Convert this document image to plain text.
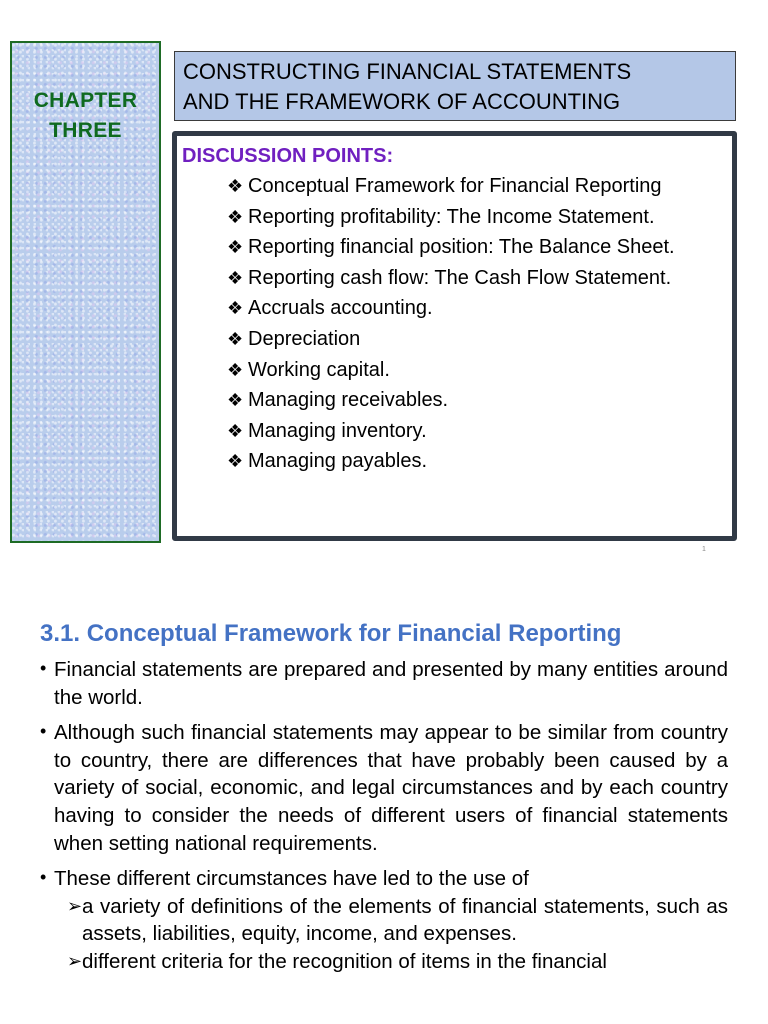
CHAPTER
THREE
CONSTRUCTING FINANCIAL STATEMENTS
AND THE FRAMEWORK OF ACCOUNTING
DISCUSSION POINTS:
❖ Conceptual Framework for Financial Reporting
❖ Reporting profitability: The Income Statement.
❖ Reporting financial position: The Balance Sheet.
❖ Reporting cash flow: The Cash Flow Statement.
❖ Accruals accounting.
❖ Depreciation
❖ Working capital.
❖ Managing receivables.
❖ Managing inventory.
❖ Managing payables.
1
3.1. Conceptual Framework for Financial Reporting
• Financial statements are prepared and presented by many entities around the world.
• Although such financial statements may appear to be similar from country to country, there are differences that have probably been caused by a variety of social, economic, and legal circumstances and by each country having to consider the needs of different users of financial statements when setting national requirements.
• These different circumstances have led to the use of
➢ a variety of definitions of the elements of financial statements, such as assets, liabilities, equity, income, and expenses.
➢ different criteria for the recognition of items in the financial
